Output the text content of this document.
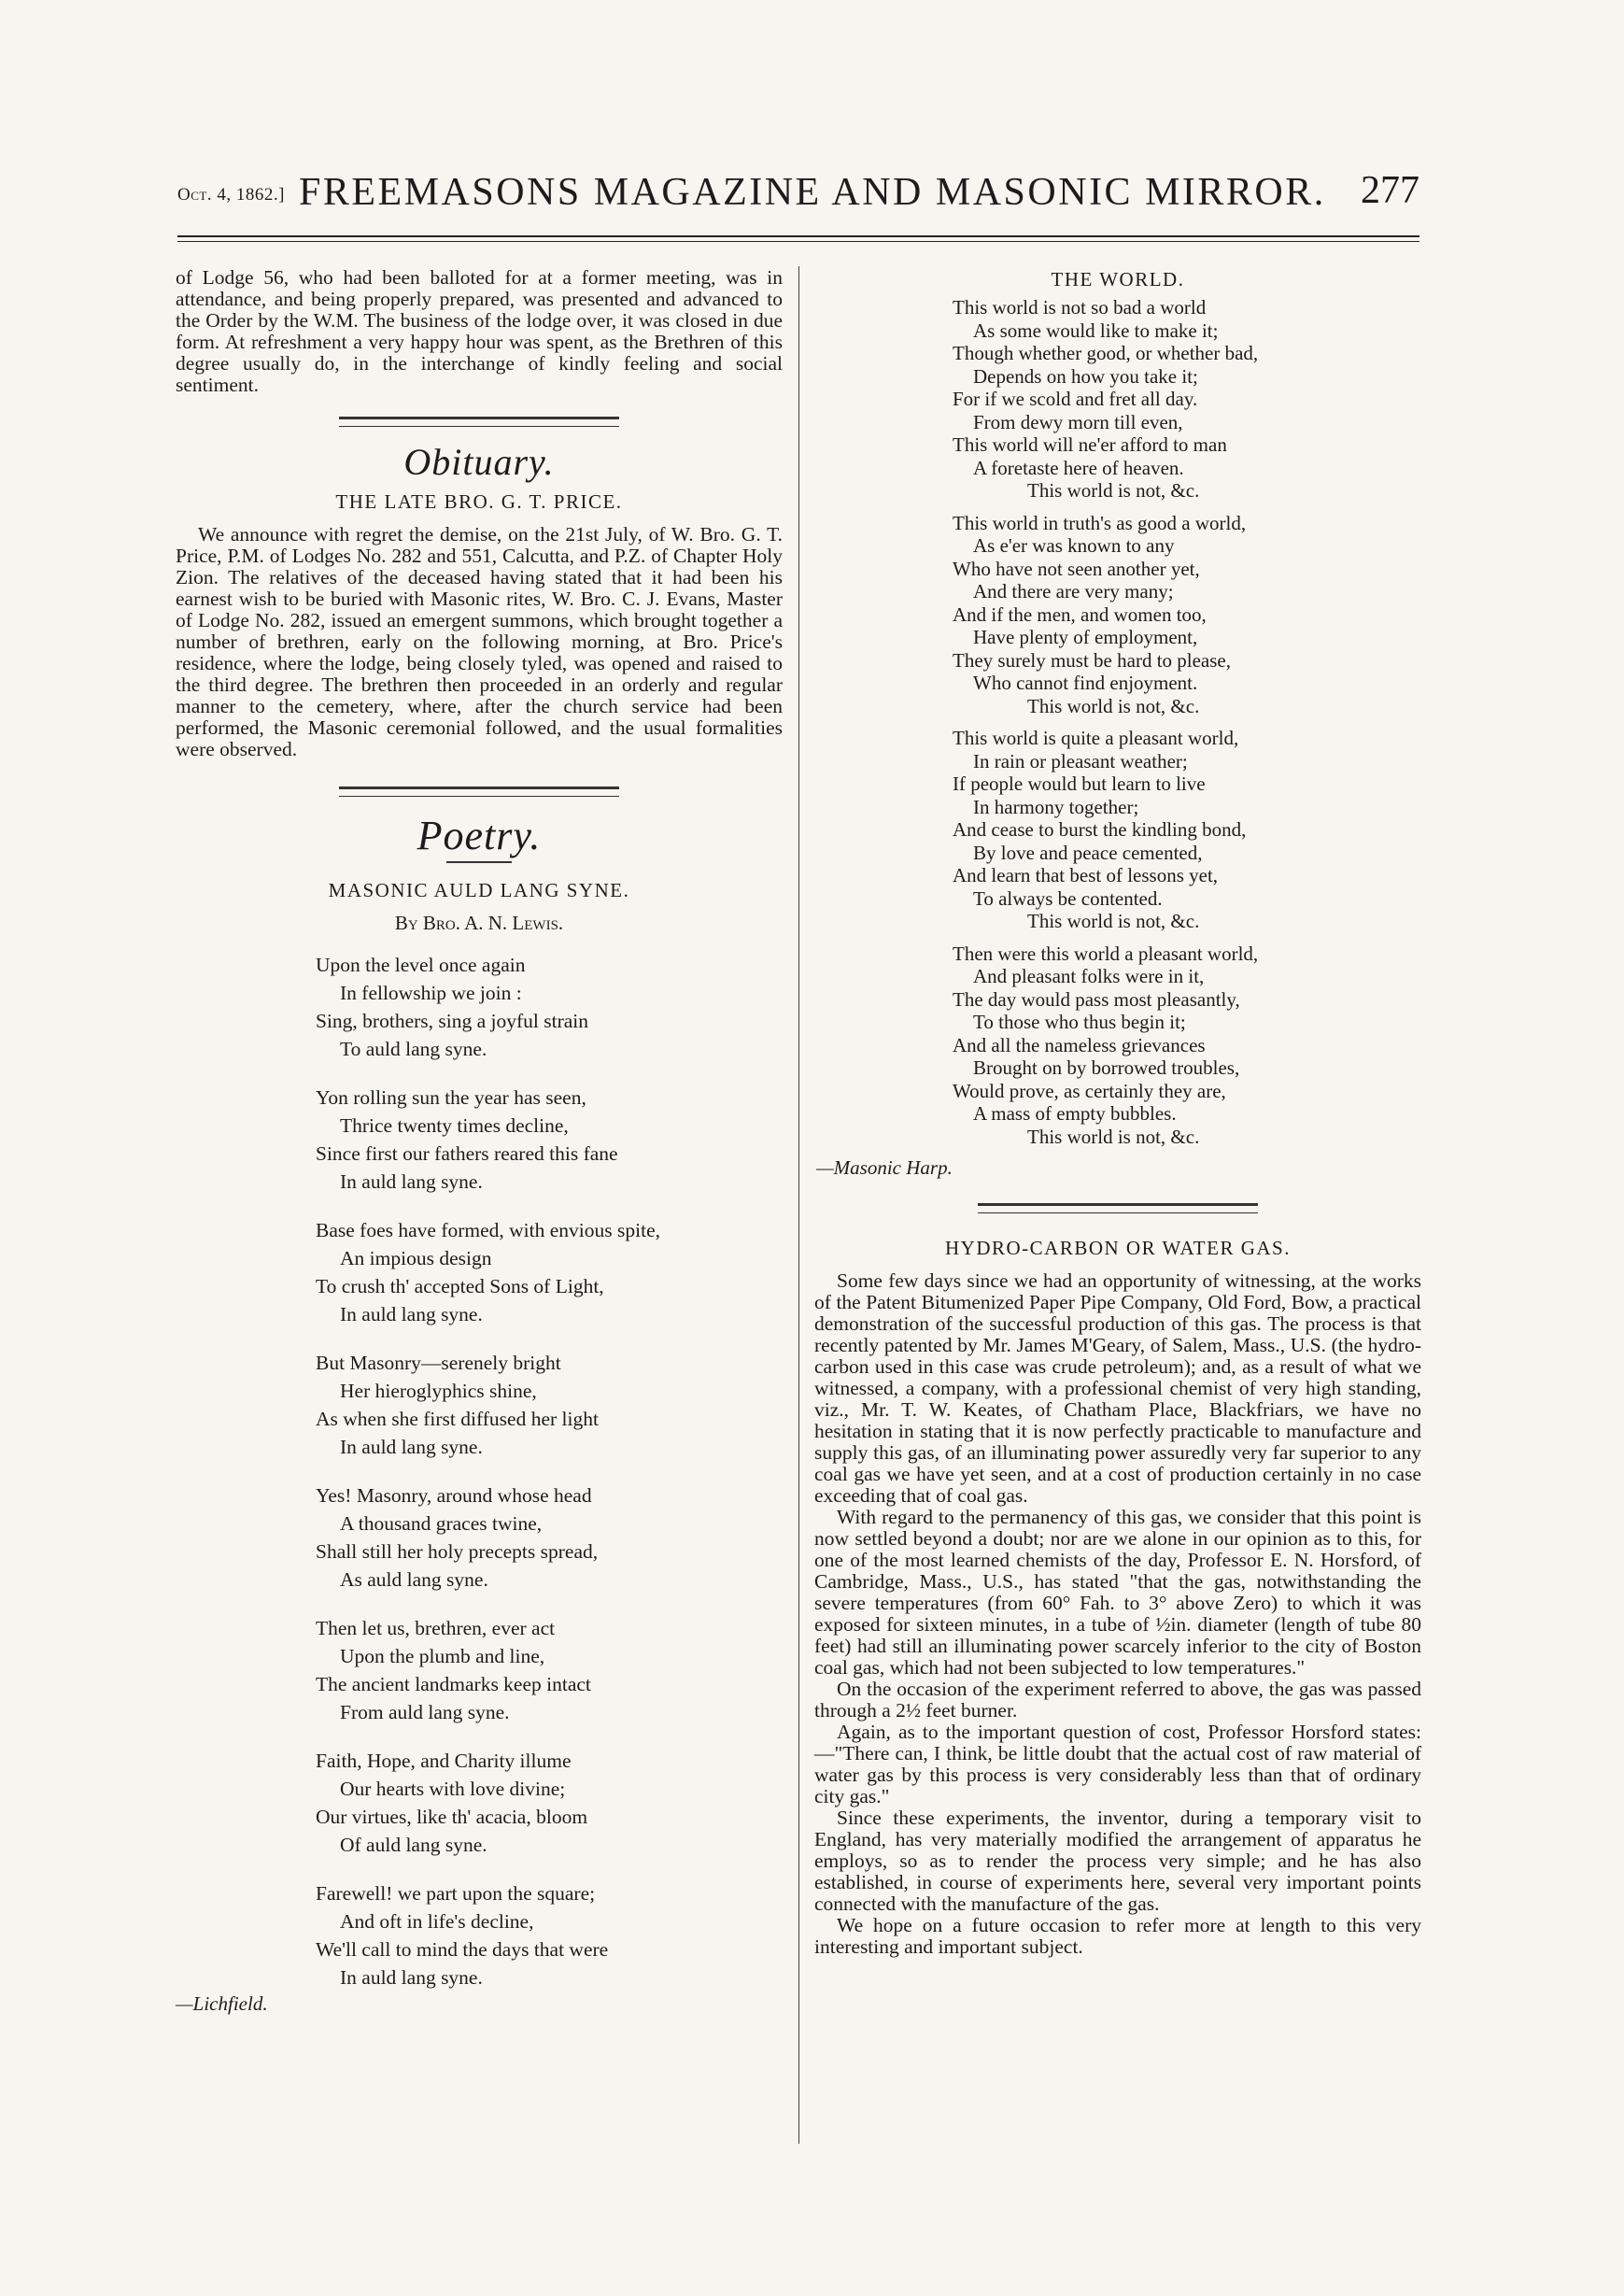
Oct. 4, 1862.] FREEMASONS MAGAZINE AND MASONIC MIRROR. 277

of Lodge 56, who had been balloted for at a former meeting, was in attendance, and being properly prepared, was presented and advanced to the Order by the W.M. The business of the lodge over, it was closed in due form. At refreshment a very happy hour was spent, as the Brethren of this degree usually do, in the interchange of kindly feeling and social sentiment.

Obituary.
THE LATE BRO. G. T. PRICE.

We announce with regret the demise, on the 21st July, of W. Bro. G. T. Price, P.M. of Lodges No. 282 and 551, Calcutta, and P.Z. of Chapter Holy Zion. The relatives of the deceased having stated that it had been his earnest wish to be buried with Masonic rites, W. Bro. C. J. Evans, Master of Lodge No. 282, issued an emergent summons, which brought together a number of brethren, early on the following morning, at Bro. Price's residence, where the lodge, being closely tyled, was opened and raised to the third degree. The brethren then proceeded in an orderly and regular manner to the cemetery, where, after the church service had been performed, the Masonic ceremonial followed, and the usual formalities were observed.

Poetry.
MASONIC AULD LANG SYNE.
By Bro. A. N. Lewis.
Upon the level once again
In fellowship we join :
Sing, brothers, sing a joyful strain
To auld lang syne.
Yon rolling sun the year has seen,
Thrice twenty times decline,
Since first our fathers reared this fane
In auld lang syne.
Base foes have formed, with envious spite,
An impious design
To crush th' accepted Sons of Light,
In auld lang syne.
But Masonry—serenely bright
Her hieroglyphics shine,
As when she first diffused her light
In auld lang syne.
Yes! Masonry, around whose head
A thousand graces twine,
Shall still her holy precepts spread,
As auld lang syne.
Then let us, brethren, ever act
Upon the plumb and line,
The ancient landmarks keep intact
From auld lang syne.
Faith, Hope, and Charity illume
Our hearts with love divine;
Our virtues, like th' acacia, bloom
Of auld lang syne.
Farewell! we part upon the square;
And oft in life's decline,
We'll call to mind the days that were
In auld lang syne.
—Lichfield.
THE WORLD.
This world is not so bad a world
As some would like to make it;
Though whether good, or whether bad,
Depends on how you take it;
For if we scold and fret all day.
From dewy morn till even,
This world will ne'er afford to man
A foretaste here of heaven.
This world is not, &c.
This world in truth's as good a world,
As e'er was known to any
Who have not seen another yet,
And there are very many;
And if the men, and women too,
Have plenty of employment,
They surely must be hard to please,
Who cannot find enjoyment.
This world is not, &c.
This world is quite a pleasant world,
In rain or pleasant weather;
If people would but learn to live
In harmony together;
And cease to burst the kindling bond,
By love and peace cemented,
And learn that best of lessons yet,
To always be contented.
This world is not, &c.
Then were this world a pleasant world,
And pleasant folks were in it,
The day would pass most pleasantly,
To those who thus begin it;
And all the nameless grievances
Brought on by borrowed troubles,
Would prove, as certainly they are,
A mass of empty bubbles.
This world is not, &c.
—Masonic Harp.
HYDRO-CARBON OR WATER GAS.

Some few days since we had an opportunity of witnessing, at the works of the Patent Bitumenized Paper Pipe Company, Old Ford, Bow, a practical demonstration of the successful production of this gas. The process is that recently patented by Mr. James M'Geary, of Salem, Mass., U.S. (the hydro-carbon used in this case was crude petroleum); and, as a result of what we witnessed, a company, with a professional chemist of very high standing, viz., Mr. T. W. Keates, of Chatham Place, Blackfriars, we have no hesitation in stating that it is now perfectly practicable to manufacture and supply this gas, of an illuminating power assuredly very far superior to any coal gas we have yet seen, and at a cost of production certainly in no case exceeding that of coal gas.

With regard to the permanency of this gas, we consider that this point is now settled beyond a doubt; nor are we alone in our opinion as to this, for one of the most learned chemists of the day, Professor E. N. Horsford, of Cambridge, Mass., U.S., has stated "that the gas, notwithstanding the severe temperatures (from 60° Fah. to 3° above Zero) to which it was exposed for sixteen minutes, in a tube of ½in. diameter (length of tube 80 feet) had still an illuminating power scarcely inferior to the city of Boston coal gas, which had not been subjected to low temperatures."

On the occasion of the experiment referred to above, the gas was passed through a 2½ feet burner.

Again, as to the important question of cost, Professor Horsford states:—"There can, I think, be little doubt that the actual cost of raw material of water gas by this process is very considerably less than that of ordinary city gas."

Since these experiments, the inventor, during a temporary visit to England, has very materially modified the arrangement of apparatus he employs, so as to render the process very simple; and he has also established, in course of experiments here, several very important points connected with the manufacture of the gas.

We hope on a future occasion to refer more at length to this very interesting and important subject.
